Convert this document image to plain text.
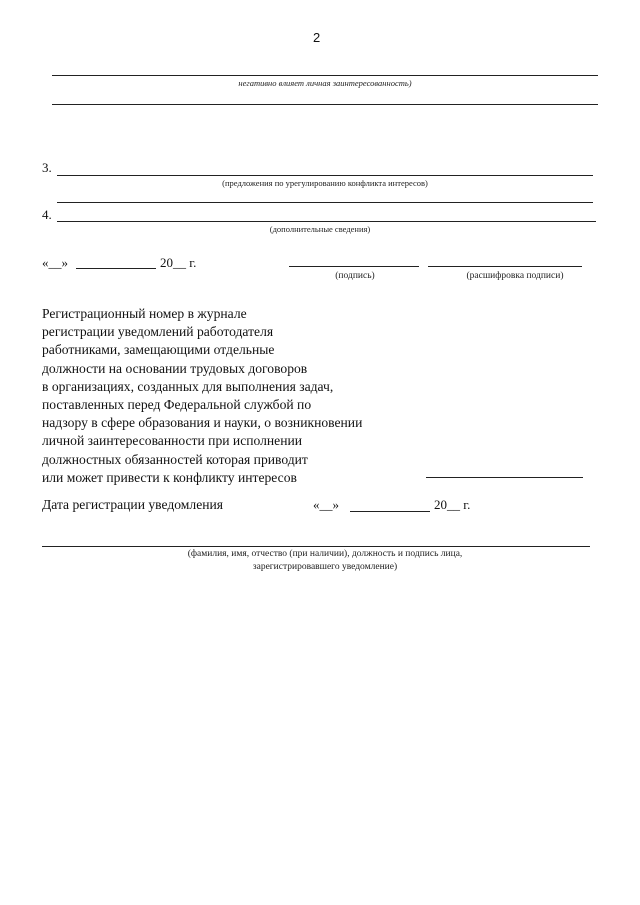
2
негативно влияет личная заинтересованность)
3.
(предложения по урегулированию конфликта интересов)
4.
(дополнительные сведения)
«__»	20__ г.
(подпись)	(расшифровка подписи)
Регистрационный номер в журнале
регистрации уведомлений работодателя
работниками, замещающими отдельные
должности на основании трудовых договоров
в организациях, созданных для выполнения задач,
поставленных перед Федеральной службой по
надзору в сфере образования и науки, о возникновении
личной заинтересованности при исполнении
должностных обязанностей которая приводит
или может привести к конфликту интересов
Дата регистрации уведомления	«__»	20__ г.
(фамилия, имя, отчество (при наличии), должность и подпись лица,
зарегистрировавшего уведомление)
